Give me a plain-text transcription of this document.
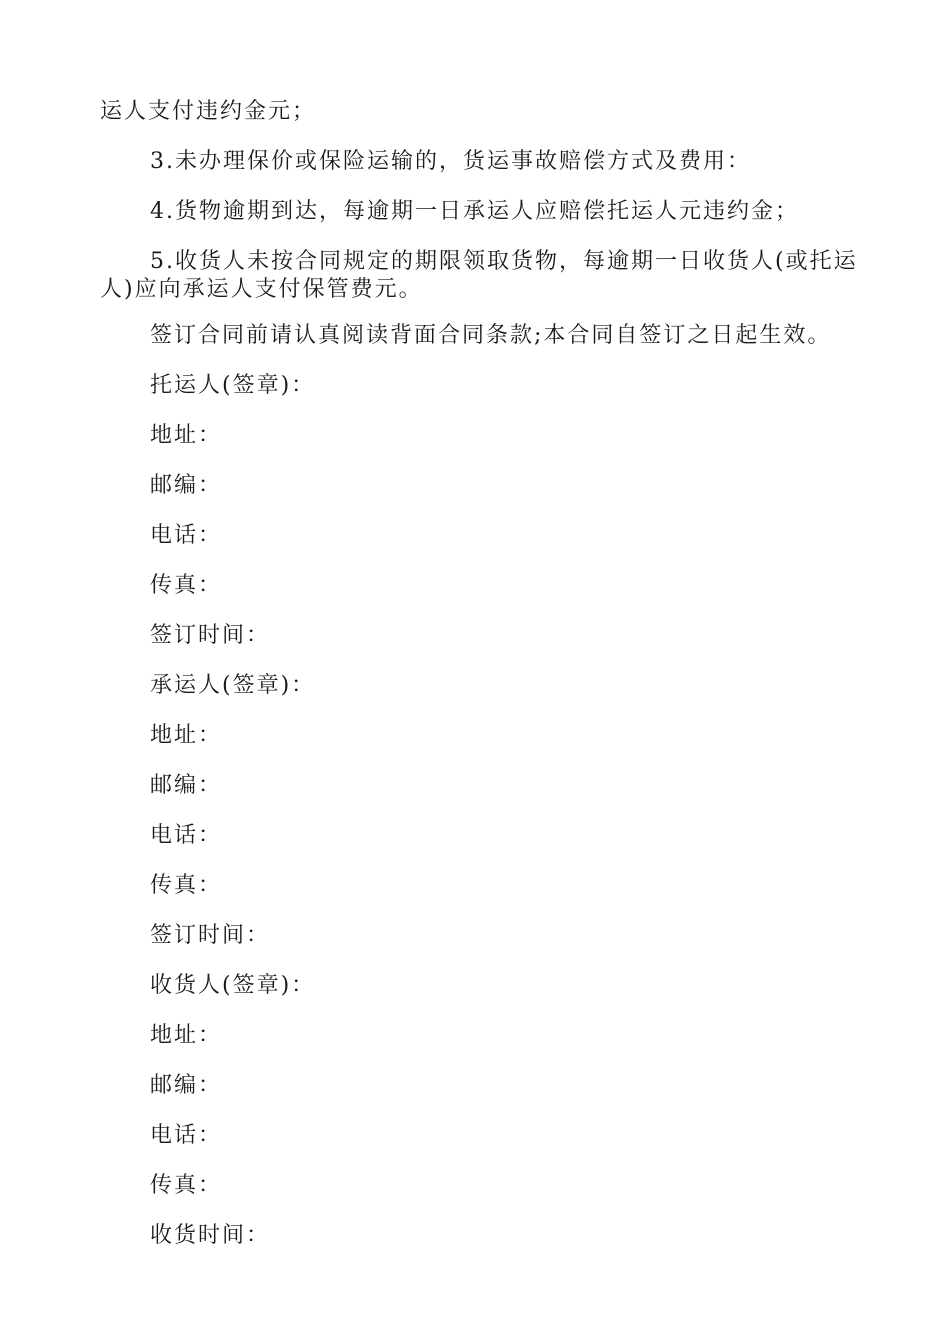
运人支付违约金元；

3.未办理保价或保险运输的，货运事故赔偿方式及费用：

4.货物逾期到达，每逾期一日承运人应赔偿托运人元违约金；

5.收货人未按合同规定的期限领取货物，每逾期一日收货人(或托运人)应向承运人支付保管费元。

签订合同前请认真阅读背面合同条款;本合同自签订之日起生效。

托运人(签章)：

地址：

邮编：

电话：

传真：

签订时间：

承运人(签章)：

地址：

邮编：

电话：

传真：

签订时间：

收货人(签章)：

地址：

邮编：

电话：

传真：

收货时间：
